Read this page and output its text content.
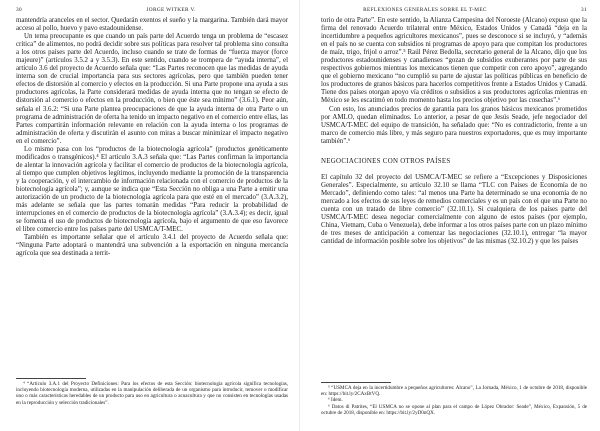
30	JORGE WITKER V.

mantendría aranceles en el sector. Quedarán exentos el sueño y la margarina. También dará mayor acceso al pollo, huevo y pavo estadounidense.

Un tema preocupante es que cuando un país parte del Acuerdo tenga un problema de “escasez crítica” de alimentos, no podrá decidir sobre sus políticas para resolver tal problema sino consulta a los otros países parte del Acuerdo, incluso cuando se trate de formas de “fuerza mayor (force majeure)” (artículos 3.5.2 a y 3.5.3). En este sentido, cuando se trompera de “ayuda interna”, el artículo 3.6 del proyecto de Acuerdo señala que: “Las Partes reconocen que las medidas de ayuda interna son de crucial importancia para sus sectores agrícolas, pero que también pueden tener efectos de distorsión al comercio y efectos en la producción. Si una Parte propone una ayuda a sus productores agrícolas, la Parte considerará medidas de ayuda interna que no tengan se efecto de distorsión al comercio o efectos en la producción, o bien que éste sea mínimo” (3.6.1). Peor aún, señala el 3.6.2: “Si una Parte plantea preocupaciones de que la ayuda interna de otra Parte o un programa de administración de oferta ha tenido un impacto negativo en el comercio entre ellas, las Partes compartirán información relevante en relación con la ayuda interna o los programas de administración de oferta y discutirán el asunto con miras a buscar minimizar el impacto negativo en el comercio”.

Lo mismo pasa con los “productos de la biotecnología agrícola” (productos genéticamente modificados o transgénicos).⁴ El artículo 3.A.3 señala que: “Las Partes confirman la importancia de alentar la innovación agrícola y facilitar el comercio de productos de la biotecnología agrícola, al tiempo que cumplen objetivos legítimos, incluyendo mediante la promoción de la transparencia y la cooperación, y el intercambio de información relacionada con el comercio de productos de la biotecnología agrícola”; y, aunque se indica que “Esta Sección no obliga a una Parte a emitir una autorización de un producto de la biotecnología agrícola para que esté en el mercado” (3.A.3.2), más adelante se señala que las partes tomarán medidas “Para reducir la probabilidad de interrupciones en el comercio de productos de la biotecnología agrícola” (3.A.3.4); es decir, igual se fomenta el uso de productos de biotecnología agrícola, bajo el argumento de que eso favorece el libre comercio entre los países parte del USMCA/T-MEC.

También es importante señalar que el artículo 3.4.1 del proyecto de Acuerdo señala que: “Ninguna Parte adoptará o mantendrá una subvención a la exportación en ninguna mercancía agrícola que sea destinada a territ-

⁴ “Artículo 3.A.1 del Proyecto Definiciones: Para los efectos de esta Sección: biotecnología agrícola significa tecnologías, incluyendo biotecnología moderna, utilizadas en la manipulación deliberada de un organismo para introducir, remover o modificar uno o más características heredables de un producto para uso en agricultura o acuacultura y que no consisten en tecnologías usadas en la reproducción y selección tradicionales”.

REFLEXIONES GENERALES SOBRE EL T-MEC	31

torio de otra Parte”. En este sentido, la Alianza Campesina del Noroeste (Alcano) expuso que la firma del renovado Acuerdo trilateral entre México, Estados Unidos y Canadá “deja en la incertidumbre a pequeños agricultores mexicanos”, pues se desconoce si se incluyó, y “además en el país no se cuenta con subsidios ni programas de apoyo para que compitan los productores de maíz, trigo, frijol o arroz”.⁵ Raúl Pérez Bedolla, secretario general de la Alcano, dijo que los productores estadounidenses y canadienses “gozan de subsidios exuberantes por parte de sus respectivos gobiernos mientras los mexicanos tienen que competir con cero apoyo”, agregando que el gobierno mexicano “no cumplió su parte de ajustar las políticas públicas en beneficio de los productores de granos básicos para hacerlos competitivos frente a Estados Unidos y Canadá. Tiene dos países otorgan apoyo vía créditos o subsidios a sus productores agrícolas mientras en México se les escatimó en todo momento hasta los precios objetivo por las cosechas”.⁶

Con esto, los anunciados precios de garantía para los granos básicos mexicanos prometidos por AMLO, quedan eliminados. Lo anterior, a pesar de que Jesús Seade, jefe negociador del USMCA/T-MEC del equipo de transición, ha señalado que: “No es contradictorio, frente a un marco de comercio más libre, y más seguro para nuestros exportadores, que es muy importante también”.⁶

NEGOCIACIONES CON OTROS PAÍSES

El capítulo 32 del proyecto del USMCA/T-MEC se refiere a “Excepciones y Disposiciones Generales”. Especialmente, su artículo 32.10 se llama “TLC con Países de Economía de no Mercado”, definiendo como tales: “al menos una Parte ha determinado se una economía de no mercado a los efectos de sus leyes de remedios comerciales y es un país con el que una Parte no cuenta con un tratado de libre comercio” (32.10.1). Si cualquiera de los países parte del USMCA/T-MEC desea negociar comercialmente con alguno de estos países (por ejemplo, China, Vietnam, Cuba o Venezuela), debe informar a los otros países parte con un plazo mínimo de tres meses de anticipación a comenzar las negociaciones (32.10.1), entregar “la mayor cantidad de información posible sobre los objetivos” de las mismas (32.10.2) y que les países

⁵ “USMCA deja en la incertidumbre a pequeños agricultores: Alcano”, La Jornada, México, 1 de octubre de 2018, disponible en: https://bit.ly/2CAxBtVQ.

⁶ Idem.

⁶ Datos di Patrites, “El USMCA no se opone al plan para el campo de López Obrador: Seade”, México, Expansión, 5 de octubre de 2018, disponible en: https://bit.ly/2yD0nQX.
